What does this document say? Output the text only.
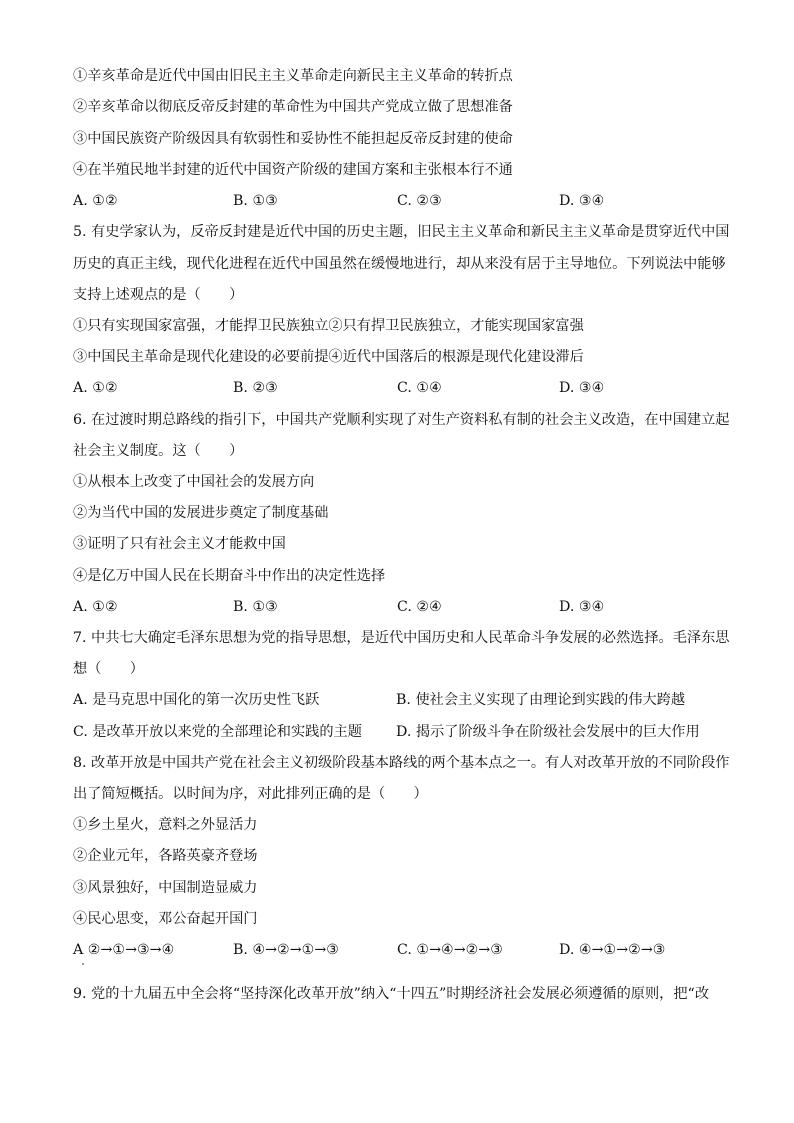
①辛亥革命是近代中国由旧民主主义革命走向新民主主义革命的转折点
②辛亥革命以彻底反帝反封建的革命性为中国共产党成立做了思想准备
③中国民族资产阶级因具有软弱性和妥协性不能担起反帝反封建的使命
④在半殖民地半封建的近代中国资产阶级的建国方案和主张根本行不通
A. ①②	B. ①③	C. ②③	D. ③④
5. 有史学家认为，反帝反封建是近代中国的历史主题，旧民主主义革命和新民主主义革命是贯穿近代中国
历史的真正主线，现代化进程在近代中国虽然在缓慢地进行，却从来没有居于主导地位。下列说法中能够
支持上述观点的是（　　）
①只有实现国家富强，才能捍卫民族独立②只有捍卫民族独立，才能实现国家富强
③中国民主革命是现代化建设的必要前提④近代中国落后的根源是现代化建设滞后
A. ①②	B. ②③	C. ①④	D. ③④
6. 在过渡时期总路线的指引下，中国共产党顺利实现了对生产资料私有制的社会主义改造，在中国建立起
社会主义制度。这（　　）
①从根本上改变了中国社会的发展方向
②为当代中国的发展进步奠定了制度基础
③证明了只有社会主义才能救中国
④是亿万中国人民在长期奋斗中作出的决定性选择
A. ①②	B. ①③	C. ②④	D. ③④
7. 中共七大确定毛泽东思想为党的指导思想，是近代中国历史和人民革命斗争发展的必然选择。毛泽东思
想（　　）
A. 是马克思中国化的第一次历史性飞跃	B. 使社会主义实现了由理论到实践的伟大跨越
C. 是改革开放以来党的全部理论和实践的主题 D. 揭示了阶级斗争在阶级社会发展中的巨大作用
8. 改革开放是中国共产党在社会主义初级阶段基本路线的两个基本点之一。有人对改革开放的不同阶段作
出了简短概括。以时间为序，对此排列正确的是（　　）
①乡土星火，意料之外显活力
②企业元年，各路英豪齐登场
③风景独好，中国制造显威力
④民心思变，邓公奋起开国门
A ②→①→③→④	B. ④→②→①→③	C. ①→④→②→③	D. ④→①→②→③
9. 党的十九届五中全会将“坚持深化改革开放”纳入“十四五”时期经济社会发展必须遵循的原则，把“改
